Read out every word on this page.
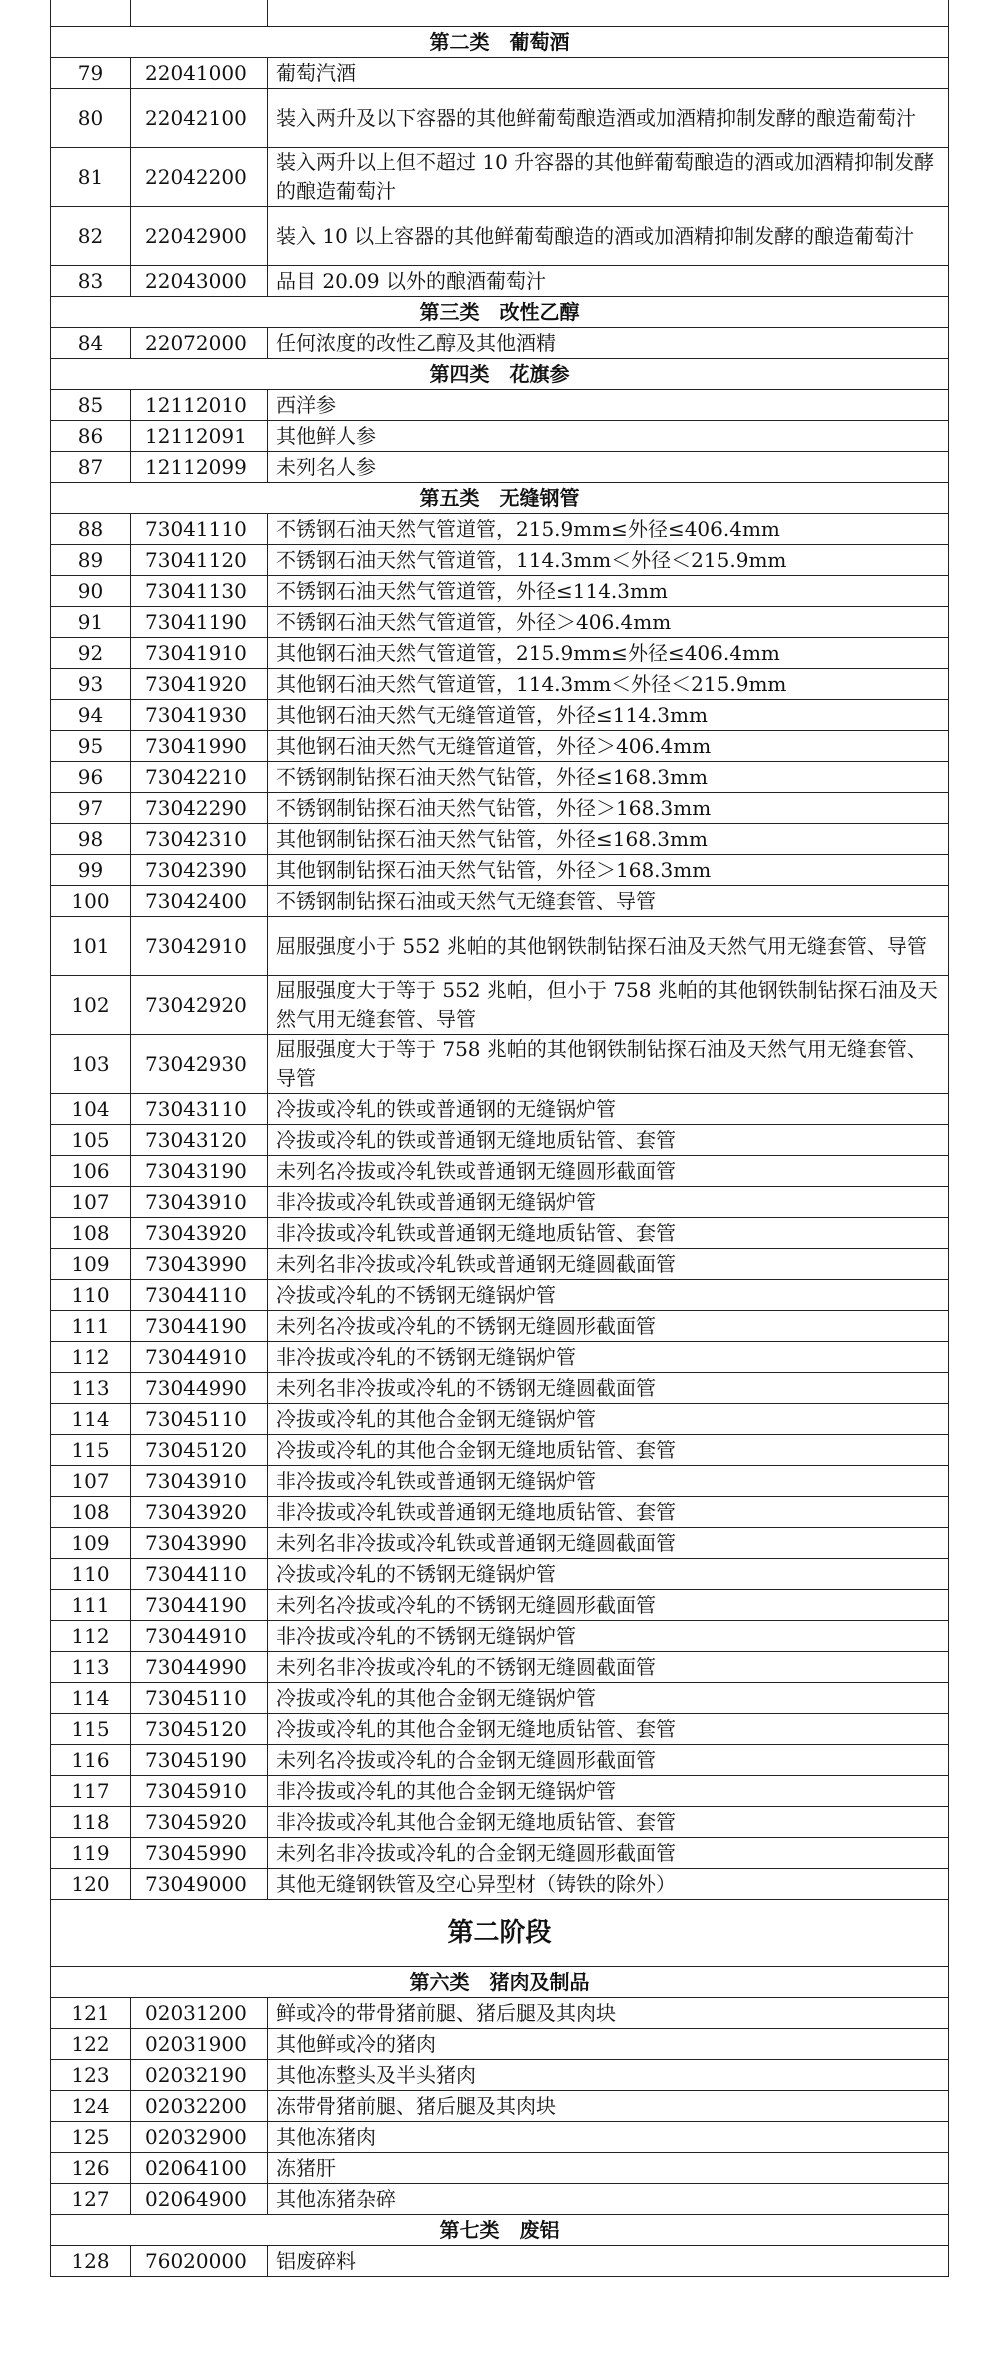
第二类　葡萄酒		
79	22041000	葡萄汽酒
80	22042100	装入两升及以下容器的其他鲜葡萄酿造酒或加酒精抑制发酵的酿造葡萄汁
81	22042200	装入两升以上但不超过 10 升容器的其他鲜葡萄酿造的酒或加酒精抑制发酵的酿造葡萄汁
82	22042900	装入 10 以上容器的其他鲜葡萄酿造的酒或加酒精抑制发酵的酿造葡萄汁
83	22043000	品目 20.09 以外的酿酒葡萄汁
第三类　改性乙醇		
84	22072000	任何浓度的改性乙醇及其他酒精
第四类　花旗参		
85	12112010	西洋参
86	12112091	其他鲜人参
87	12112099	未列名人参
第五类　无缝钢管		
88	73041110	不锈钢石油天然气管道管，215.9mm≤外径≤406.4mm
89	73041120	不锈钢石油天然气管道管，114.3mm＜外径＜215.9mm
90	73041130	不锈钢石油天然气管道管，外径≤114.3mm
91	73041190	不锈钢石油天然气管道管，外径＞406.4mm
92	73041910	其他钢石油天然气管道管，215.9mm≤外径≤406.4mm
93	73041920	其他钢石油天然气管道管，114.3mm＜外径＜215.9mm
94	73041930	其他钢石油天然气无缝管道管，外径≤114.3mm
95	73041990	其他钢石油天然气无缝管道管，外径＞406.4mm
96	73042210	不锈钢制钻探石油天然气钻管，外径≤168.3mm
97	73042290	不锈钢制钻探石油天然气钻管，外径＞168.3mm
98	73042310	其他钢制钻探石油天然气钻管，外径≤168.3mm
99	73042390	其他钢制钻探石油天然气钻管，外径＞168.3mm
100	73042400	不锈钢制钻探石油或天然气无缝套管、导管
101	73042910	屈服强度小于 552 兆帕的其他钢铁制钻探石油及天然气用无缝套管、导管
102	73042920	屈服强度大于等于 552 兆帕，但小于 758 兆帕的其他钢铁制钻探石油及天然气用无缝套管、导管
103	73042930	屈服强度大于等于 758 兆帕的其他钢铁制钻探石油及天然气用无缝套管、导管
104	73043110	冷拔或冷轧的铁或普通钢的无缝锅炉管
105	73043120	冷拔或冷轧的铁或普通钢无缝地质钻管、套管
106	73043190	未列名冷拔或冷轧铁或普通钢无缝圆形截面管
107	73043910	非冷拔或冷轧铁或普通钢无缝锅炉管
108	73043920	非冷拔或冷轧铁或普通钢无缝地质钻管、套管
109	73043990	未列名非冷拔或冷轧铁或普通钢无缝圆截面管
110	73044110	冷拔或冷轧的不锈钢无缝锅炉管
111	73044190	未列名冷拔或冷轧的不锈钢无缝圆形截面管
112	73044910	非冷拔或冷轧的不锈钢无缝锅炉管
113	73044990	未列名非冷拔或冷轧的不锈钢无缝圆截面管
114	73045110	冷拔或冷轧的其他合金钢无缝锅炉管
115	73045120	冷拔或冷轧的其他合金钢无缝地质钻管、套管
107	73043910	非冷拔或冷轧铁或普通钢无缝锅炉管
108	73043920	非冷拔或冷轧铁或普通钢无缝地质钻管、套管
109	73043990	未列名非冷拔或冷轧铁或普通钢无缝圆截面管
110	73044110	冷拔或冷轧的不锈钢无缝锅炉管
111	73044190	未列名冷拔或冷轧的不锈钢无缝圆形截面管
112	73044910	非冷拔或冷轧的不锈钢无缝锅炉管
113	73044990	未列名非冷拔或冷轧的不锈钢无缝圆截面管
114	73045110	冷拔或冷轧的其他合金钢无缝锅炉管
115	73045120	冷拔或冷轧的其他合金钢无缝地质钻管、套管
116	73045190	未列名冷拔或冷轧的合金钢无缝圆形截面管
117	73045910	非冷拔或冷轧的其他合金钢无缝锅炉管
118	73045920	非冷拔或冷轧其他合金钢无缝地质钻管、套管
119	73045990	未列名非冷拔或冷轧的合金钢无缝圆形截面管
120	73049000	其他无缝钢铁管及空心异型材（铸铁的除外）
第二阶段		
第六类　猪肉及制品		
121	02031200	鲜或冷的带骨猪前腿、猪后腿及其肉块
122	02031900	其他鲜或冷的猪肉
123	02032190	其他冻整头及半头猪肉
124	02032200	冻带骨猪前腿、猪后腿及其肉块
125	02032900	其他冻猪肉
126	02064100	冻猪肝
127	02064900	其他冻猪杂碎
第七类　废铝		
128	76020000	铝废碎料
